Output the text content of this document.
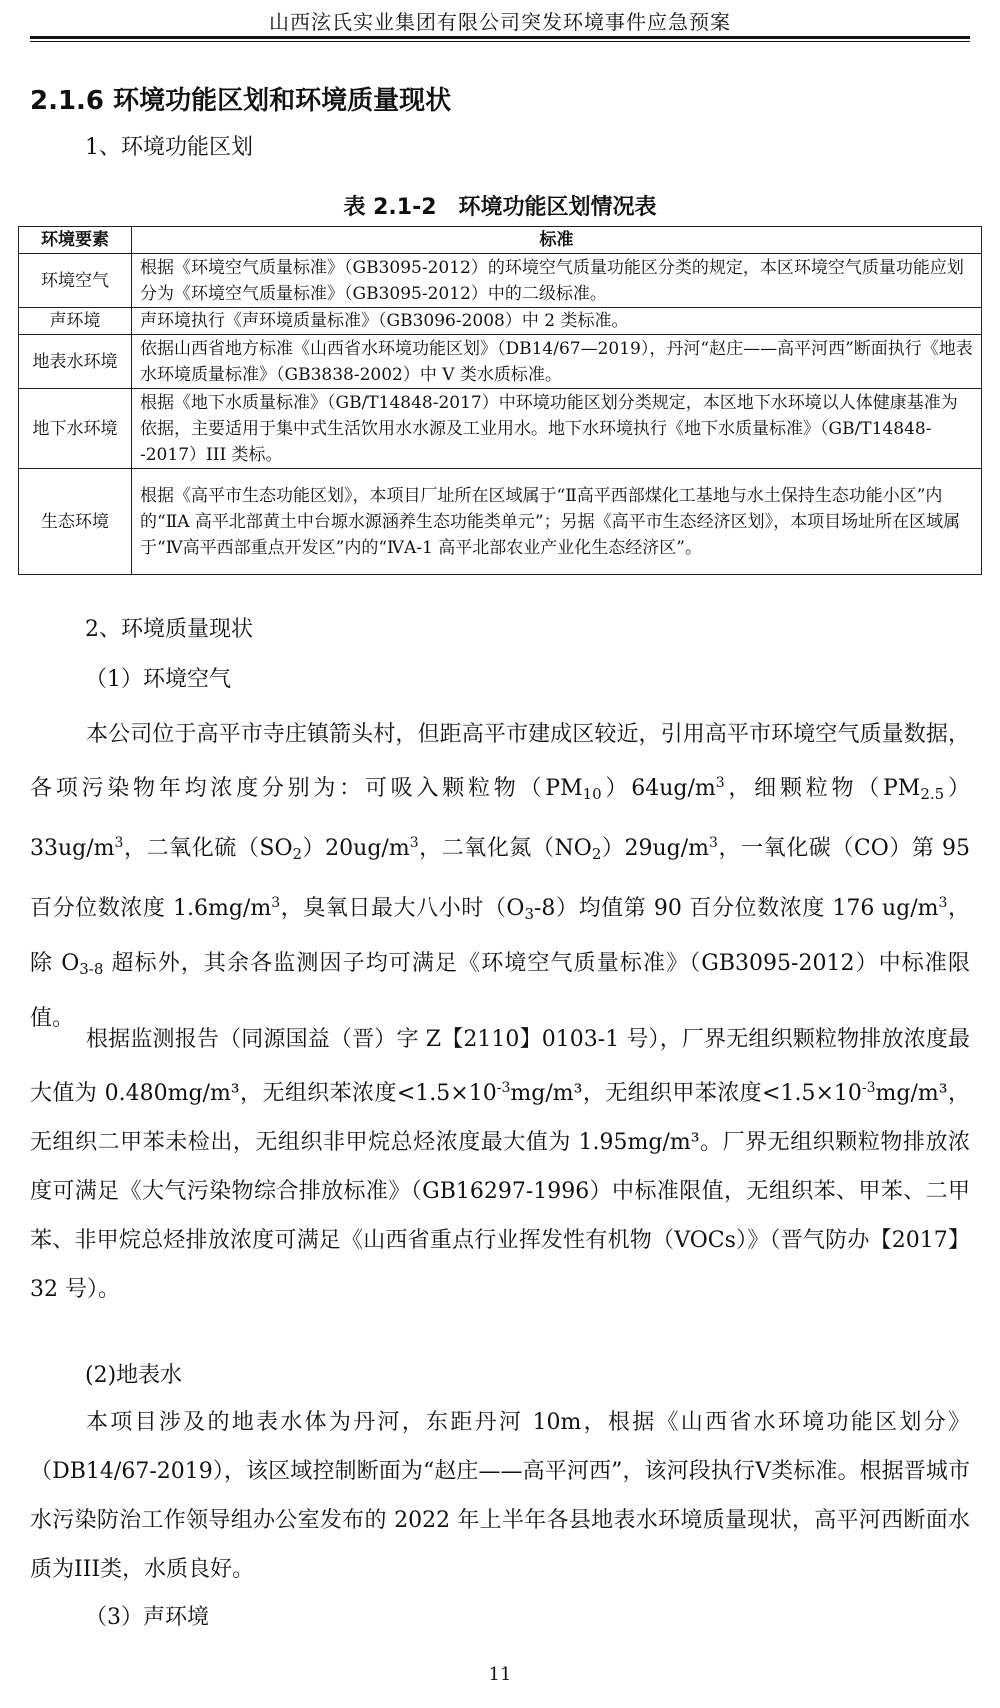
山西泫氏实业集团有限公司突发环境事件应急预案
2.1.6 环境功能区划和环境质量现状
1、环境功能区划
表 2.1-2　环境功能区划情况表
环境要素	标准
环境空气	根据《环境空气质量标准》（GB3095-2012）的环境空气质量功能区分类的规定，本区环境空气质量功能应划分为《环境空气质量标准》（GB3095-2012）中的二级标准。
声环境	声环境执行《声环境质量标准》（GB3096-2008）中 2 类标准。
地表水环境	依据山西省地方标准《山西省水环境功能区划》（DB14/67—2019），丹河“赵庄——高平河西”断面执行《地表水环境质量标准》（GB3838-2002）中 V 类水质标准。
地下水环境	根据《地下水质量标准》（GB/T14848-2017）中环境功能区划分类规定，本区地下水环境以人体健康基准为依据，主要适用于集中式生活饮用水水源及工业用水。地下水环境执行《地下水质量标准》（GB/T14848--2017）III 类标。
生态环境	根据《高平市生态功能区划》，本项目厂址所在区域属于“Ⅱ高平西部煤化工基地与水土保持生态功能小区”内的“ⅡA 高平北部黄土中台塬水源涵养生态功能类单元”；另据《高平市生态经济区划》，本项目场址所在区域属于“Ⅳ高平西部重点开发区”内的“ⅣA-1 高平北部农业产业化生态经济区”。
2、环境质量现状
（1）环境空气
本公司位于高平市寺庄镇箭头村，但距高平市建成区较近，引用高平市环境空气质量数据，各项污染物年均浓度分别为：可吸入颗粒物$(PM_{10})64ug/m^3$，细颗粒物$(PM_{2.5})33ug/m^3$，二氧化硫$(SO_2)20ug/m^3$，二氧化氮$(NO_2)29ug/m^3$，一氧化碳（CO）第 95 百分位数浓度 $1.6mg/m^3$，臭氧日最大八小时$(O_3-8)$均值第 90 百分位数浓度 176 $ug/m^3$，除 $O_{3-8}$ 超标外，其余各监测因子均可满足《环境空气质量标准》（GB3095-2012）中标准限值。
根据监测报告（同源国益（晋）字 Z【2110】0103-1 号），厂界无组织颗粒物排放浓度最大值为 0.480mg/m³，无组织苯浓度$<1.5\times 10^{-3}mg/m^3$，无组织甲苯浓度$<1.5\times 10^{-3}mg/m^3$，无组织二甲苯未检出，无组织非甲烷总烃浓度最大值为 1.95mg/m³。厂界无组织颗粒物排放浓度可满足《大气污染物综合排放标准》（GB16297-1996）中标准限值，无组织苯、甲苯、二甲苯、非甲烷总烃排放浓度可满足《山西省重点行业挥发性有机物（VOCs）》（晋气防办【2017】32 号）。
(2)地表水
本项目涉及的地表水体为丹河，东距丹河 10m，根据《山西省水环境功能区划分》（DB14/67-2019），该区域控制断面为“赵庄——高平河西”，该河段执行Ⅴ类标准。根据晋城市水污染防治工作领导组办公室发布的 2022 年上半年各县地表水环境质量现状，高平河西断面水质为III类，水质良好。
（3）声环境
11
